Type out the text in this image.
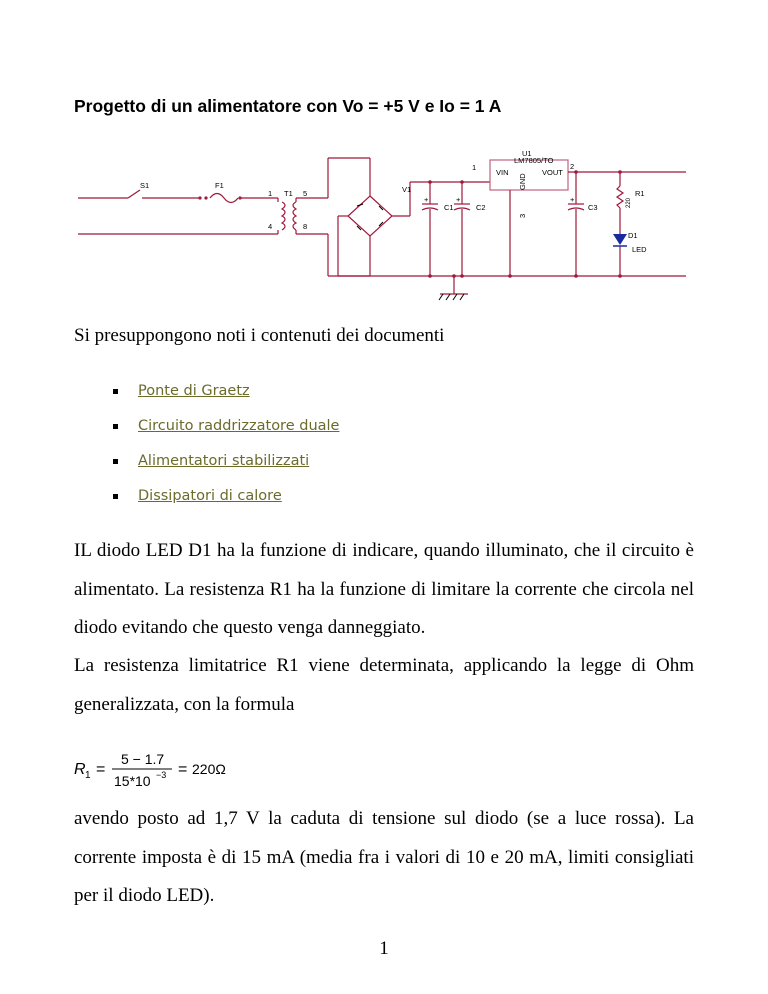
Progetto di un alimentatore con Vo = +5 V e Io = 1 A
S1	F1
1 T1 5
4	8
V1
C1	C2	C3
+	+	+
U1
LM7805/TO
VIN	VOUT
1	2
3
GND
R1
220
D1
LED
Si presuppongono noti i contenuti dei documenti
Ponte di Graetz
Circuito raddrizzatore duale
Alimentatori stabilizzati
Dissipatori di calore

IL diodo LED D1 ha la funzione di indicare, quando illuminato, che il circuito è alimentato. La resistenza R1 ha la funzione di limitare la corrente che circola nel diodo evitando che questo venga danneggiato.

La resistenza limitatrice R1 viene determinata, applicando la legge di Ohm generalizzata, con la formula

R 1 =
5 − 1.7
15*10 −3 = 220Ω

avendo posto ad 1,7 V la caduta di tensione sul diodo (se a luce rossa). La corrente imposta è di 15 mA (media fra i valori di 10 e 20 mA, limiti consigliati per il diodo LED).

1
